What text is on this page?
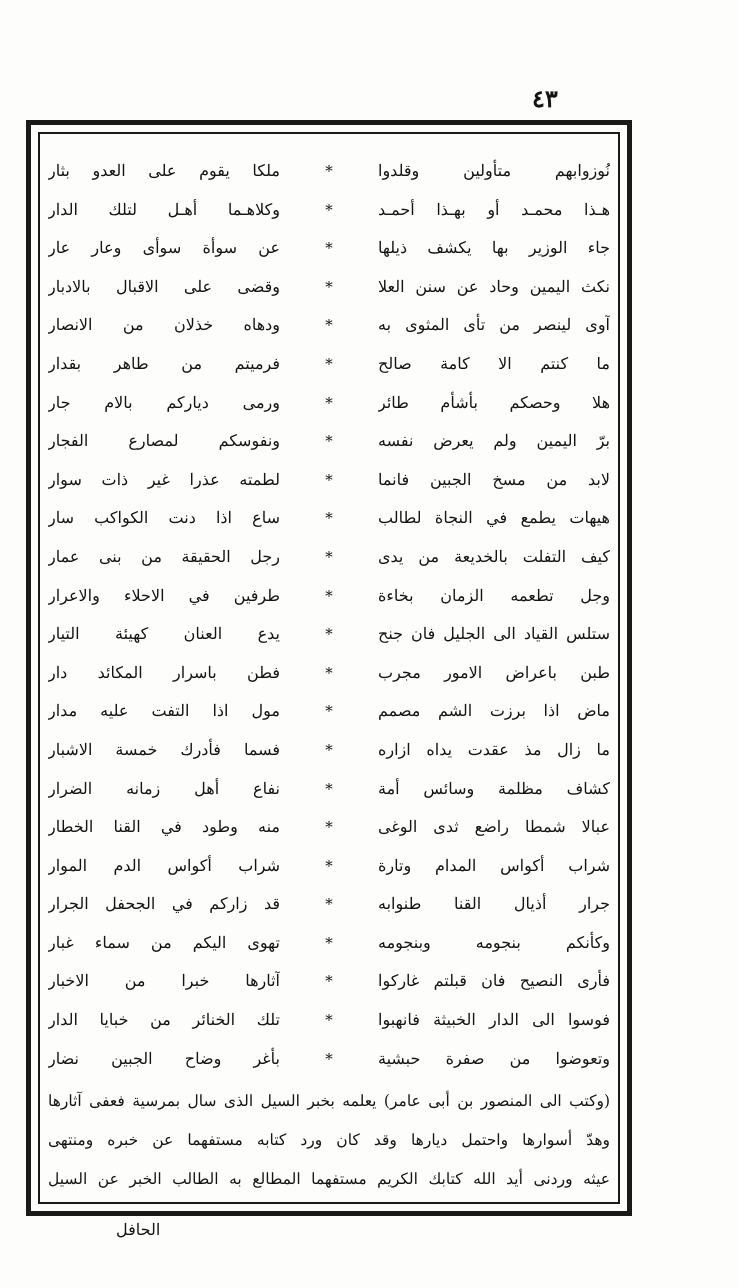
٤٣
نُوزوابهم متأولين وقلدوا
*
ملكا يقوم على العدو بثار
هـذا محمـد أو بهـذا أحمـد
*
وكلاهـما أهـل لتلك الدار
جاء الوزير بها يكشف ذيلها
*
عن سوأة سوأى وعار عار
نكث اليمين وحاد عن سنن العلا
*
وقضى على الاقبال بالادبار
آوى لينصر من تأى المثوى به
*
ودهاه خذلان من الانصار
ما كنتم الا كامة صالح
*
فرميتم من طاهر بقدار
هلا وحصكم بأشأم طائر
*
ورمى دياركم بالام جار
برّ اليمين ولم يعرض نفسه
*
ونفوسكم لمصارع الفجار
لابد من مسخ الجبين فانما
*
لطمته عذرا غير ذات سوار
هيهات يطمع في النجاة لطالب
*
ساع اذا دنت الكواكب سار
كيف التفلت بالخديعة من يدى
*
رجل الحقيقة من بنى عمار
وجل تطعمه الزمان بخاءة
*
طرفين في الاحلاء والاعرار
ستلس القياد الى الجليل فان جنح
*
يدع العنان كهيئة التيار
طبن باعراض الامور مجرب
*
فطن باسرار المكائد دار
ماض اذا برزت الشم مصمم
*
مول اذا التفت عليه مدار
ما زال مذ عقدت يداه ازاره
*
فسما فأدرك خمسة الاشبار
كشاف مظلمة وسائس أمة
*
نفاع أهل زمانه الضرار
عبالا شمطا راضع ثدى الوغى
*
منه وطود في القنا الخطار
شراب أكواس المدام وتارة
*
شراب أكواس الدم الموار
جرار أذيال القنا طنوابه
*
قد زاركم في الجحفل الجرار
وكأنكم بنجومه وبنجومه
*
تهوى اليكم من سماء غبار
فأرى النصيح فان قبلتم غاركوا
*
آثارها خبرا من الاخبار
فوسوا الى الدار الخبيثة فانهبوا
*
تلك الخنائر من خبايا الدار
وتعوضوا من صفرة حبشية
*
بأغر وضاح الجبين نضار
(وكتب الى المنصور بن أبى عامر) يعلمه بخبر السيل الذى سال بمرسية فعفى آثارها
وهدّ أسوارها واحتمل ديارها وقد كان ورد كتابه مستفهما عن خبره ومنتهى
عيثه وردنى أيد الله كتابك الكريم مستفهما المطالع به الطالب الخبر عن السيل
الحافل
